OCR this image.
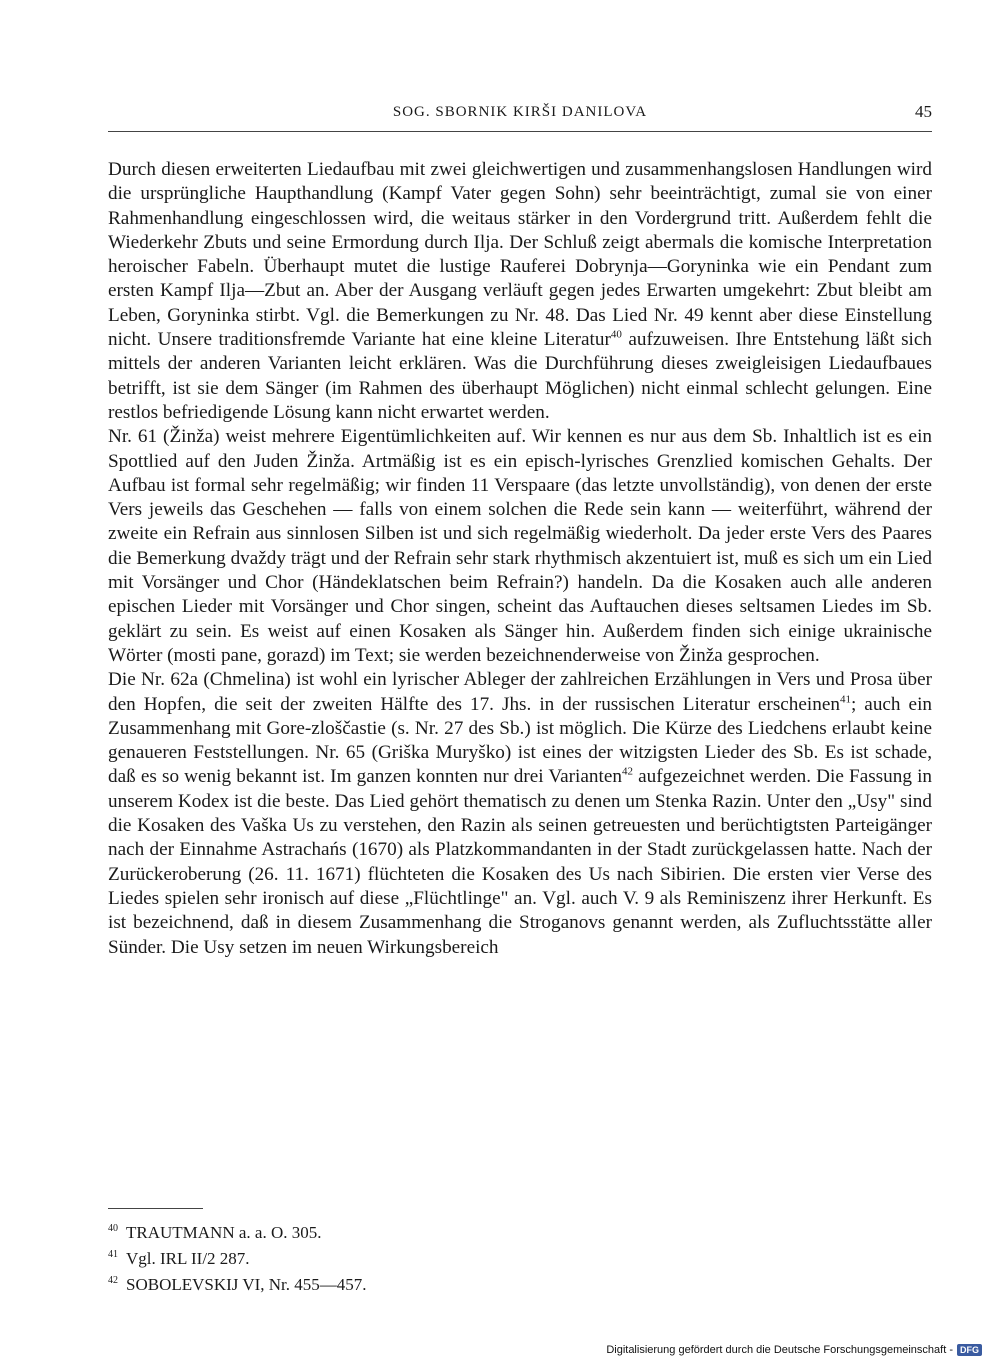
SOG. SBORNIK KIRŠI DANILOVA	45

Durch diesen erweiterten Liedaufbau mit zwei gleichwertigen und zusammenhangslosen Handlungen wird die ursprüngliche Haupthandlung (Kampf Vater gegen Sohn) sehr beeinträchtigt, zumal sie von einer Rahmenhandlung eingeschlossen wird, die weitaus stärker in den Vordergrund tritt. Außerdem fehlt die Wiederkehr Zbuts und seine Ermordung durch Ilja. Der Schluß zeigt abermals die komische Interpretation heroischer Fabeln. Überhaupt mutet die lustige Rauferei Dobrynja—Goryninka wie ein Pendant zum ersten Kampf Ilja—Zbut an. Aber der Ausgang verläuft gegen jedes Erwarten umgekehrt: Zbut bleibt am Leben, Goryninka stirbt. Vgl. die Bemerkungen zu Nr. 48. Das Lied Nr. 49 kennt aber diese Einstellung nicht. Unsere traditionsfremde Variante hat eine kleine Literatur$^{40}$ aufzuweisen. Ihre Entstehung läßt sich mittels der anderen Varianten leicht erklären. Was die Durchführung dieses zweigleisigen Liedaufbaues betrifft, ist sie dem Sänger (im Rahmen des überhaupt Möglichen) nicht einmal schlecht gelungen. Eine restlos befriedigende Lösung kann nicht erwartet werden.

Nr. 61 (Žinža) weist mehrere Eigentümlichkeiten auf. Wir kennen es nur aus dem Sb. Inhaltlich ist es ein Spottlied auf den Juden Žinža. Artmäßig ist es ein episch-lyrisches Grenzlied komischen Gehalts. Der Aufbau ist formal sehr regelmäßig; wir finden 11 Verspaare (das letzte unvollständig), von denen der erste Vers jeweils das Geschehen — falls von einem solchen die Rede sein kann — weiterführt, während der zweite ein Refrain aus sinnlosen Silben ist und sich regelmäßig wiederholt. Da jeder erste Vers des Paares die Bemerkung dvaždy trägt und der Refrain sehr stark rhythmisch akzentuiert ist, muß es sich um ein Lied mit Vorsänger und Chor (Händeklatschen beim Refrain?) handeln. Da die Kosaken auch alle anderen epischen Lieder mit Vorsänger und Chor singen, scheint das Auftauchen dieses seltsamen Liedes im Sb. geklärt zu sein. Es weist auf einen Kosaken als Sänger hin. Außerdem finden sich einige ukrainische Wörter (mosti pane, gorazd) im Text; sie werden bezeichnenderweise von Žinža gesprochen.

Die Nr. 62a (Chmelina) ist wohl ein lyrischer Ableger der zahlreichen Erzählungen in Vers und Prosa über den Hopfen, die seit der zweiten Hälfte des 17. Jhs. in der russischen Literatur erscheinen$^{41}$; auch ein Zusammenhang mit Gore-zloščastie (s. Nr. 27 des Sb.) ist möglich. Die Kürze des Liedchens erlaubt keine genaueren Feststellungen. Nr. 65 (Griška Muryško) ist eines der witzigsten Lieder des Sb. Es ist schade, daß es so wenig bekannt ist. Im ganzen konnten nur drei Varianten$^{42}$ aufgezeichnet werden. Die Fassung in unserem Kodex ist die beste. Das Lied gehört thematisch zu denen um Stenka Razin. Unter den „Usy" sind die Kosaken des Vaška Us zu verstehen, den Razin als seinen getreuesten und berüchtigtsten Parteigänger nach der Einnahme Astrachańs (1670) als Platzkommandanten in der Stadt zurückgelassen hatte. Nach der Zurückeroberung (26. 11. 1671) flüchteten die Kosaken des Us nach Sibirien. Die ersten vier Verse des Liedes spielen sehr ironisch auf diese „Flüchtlinge" an. Vgl. auch V. 9 als Reminiszenz ihrer Herkunft. Es ist bezeichnend, daß in diesem Zusammenhang die Stroganovs genannt werden, als Zufluchtsstätte aller Sünder. Die Usy setzen im neuen Wirkungsbereich

$^{40}$ TRAUTMANN a. a. O. 305.
$^{41}$ Vgl. IRL II/2 287.
$^{42}$ SOBOLEVSKIJ VI, Nr. 455—457.
Digitalisierung gefördert durch die Deutsche Forschungsgemeinschaft - DFG
